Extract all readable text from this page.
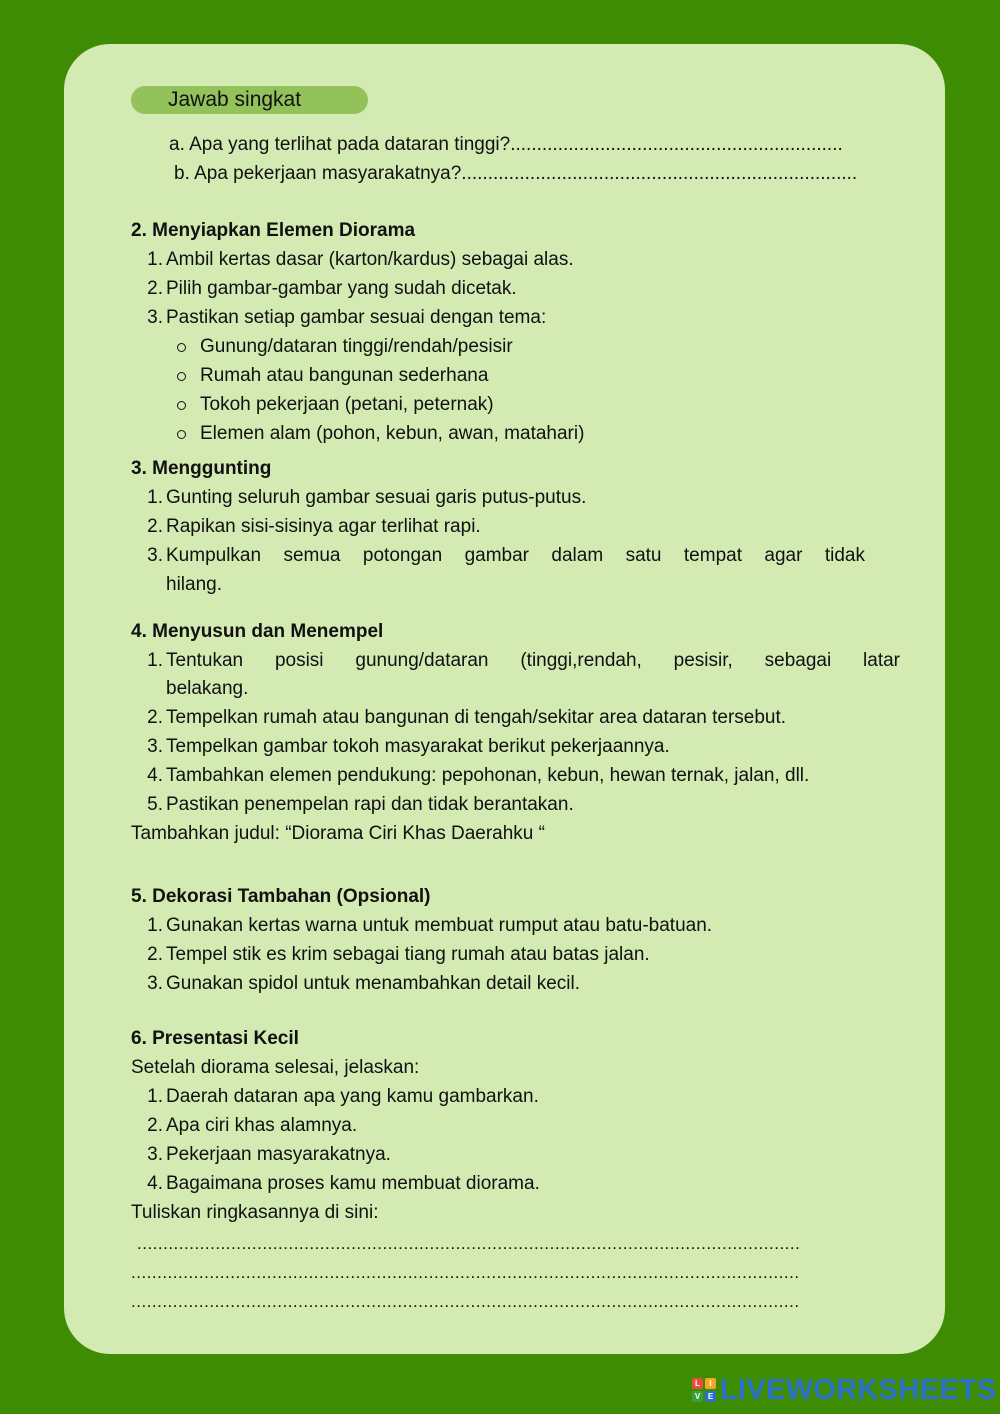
Jawab singkat
a. Apa yang terlihat pada dataran tinggi?...............................................................
b. Apa pekerjaan masyarakatnya?...........................................................................
2. Menyiapkan Elemen Diorama
1. Ambil kertas dasar (karton/kardus) sebagai alas.
2. Pilih gambar-gambar yang sudah dicetak.
3. Pastikan setiap gambar sesuai dengan tema:
Gunung/dataran tinggi/rendah/pesisir
Rumah atau bangunan sederhana
Tokoh pekerjaan (petani, peternak)
Elemen alam (pohon, kebun, awan, matahari)
3. Menggunting
1. Gunting seluruh gambar sesuai garis putus-putus.
2. Rapikan sisi-sisinya agar terlihat rapi.
3. Kumpulkan semua potongan gambar dalam satu tempat agar tidak
hilang.
4. Menyusun dan Menempel
1. Tentukan posisi gunung/dataran (tinggi,rendah, pesisir, sebagai latar
belakang.
2. Tempelkan rumah atau bangunan di tengah/sekitar area dataran tersebut.
3. Tempelkan gambar tokoh masyarakat berikut pekerjaannya.
4. Tambahkan elemen pendukung: pepohonan, kebun, hewan ternak, jalan, dll.
5. Pastikan penempelan rapi dan tidak berantakan.
Tambahkan judul: “Diorama Ciri Khas Daerahku “
5. Dekorasi Tambahan (Opsional)
1. Gunakan kertas warna untuk membuat rumput atau batu-batuan.
2. Tempel stik es krim sebagai tiang rumah atau batas jalan.
3. Gunakan spidol untuk menambahkan detail kecil.
6. Presentasi Kecil
Setelah diorama selesai, jelaskan:
1. Daerah dataran apa yang kamu gambarkan.
2. Apa ciri khas alamnya.
3. Pekerjaan masyarakatnya.
4. Bagaimana proses kamu membuat diorama.
Tuliskan ringkasannya di sini:
...............................................................................................................................
................................................................................................................................
................................................................................................................................
L	I
V E LIVEWORKSHEETS
